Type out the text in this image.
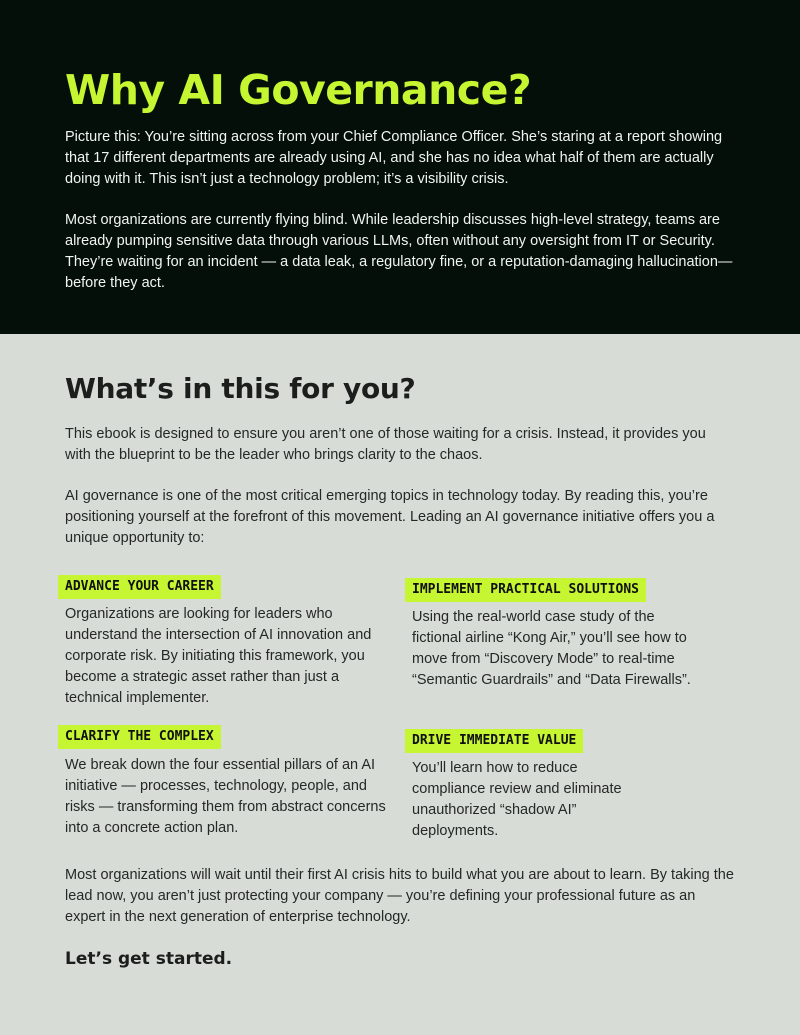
Why AI Governance?

Picture this: You’re sitting across from your Chief Compliance Officer. She’s staring at a report showing that 17 different departments are already using AI, and she has no idea what half of them are actually doing with it. This isn’t just a technology problem; it’s a visibility crisis.

Most organizations are currently flying blind. While leadership discusses high-level strategy, teams are already pumping sensitive data through various LLMs, often without any oversight from IT or Security. They’re waiting for an incident — a data leak, a regulatory fine, or a reputation-damaging hallucination— before they act.

What’s in this for you?

This ebook is designed to ensure you aren’t one of those waiting for a crisis. Instead, it provides you with the blueprint to be the leader who brings clarity to the chaos.

AI governance is one of the most critical emerging topics in technology today. By reading this, you’re positioning yourself at the forefront of this movement. Leading an AI governance initiative offers you a unique opportunity to:

ADVANCE YOUR CAREER

Organizations are looking for leaders who understand the intersection of AI innovation and corporate risk. By initiating this framework, you become a strategic asset rather than just a technical implementer.

IMPLEMENT PRACTICAL SOLUTIONS

Using the real-world case study of the fictional airline “Kong Air,” you’ll see how to move from “Discovery Mode” to real-time “Semantic Guardrails” and “Data Firewalls”.

CLARIFY THE COMPLEX

We break down the four essential pillars of an AI initiative — processes, technology, people, and risks — transforming them from abstract concerns into a concrete action plan.

DRIVE IMMEDIATE VALUE

You’ll learn how to reduce compliance review and eliminate unauthorized “shadow AI” deployments.

Most organizations will wait until their first AI crisis hits to build what you are about to learn. By taking the lead now, you aren’t just protecting your company — you’re defining your professional future as an expert in the next generation of enterprise technology.

Let’s get started.
